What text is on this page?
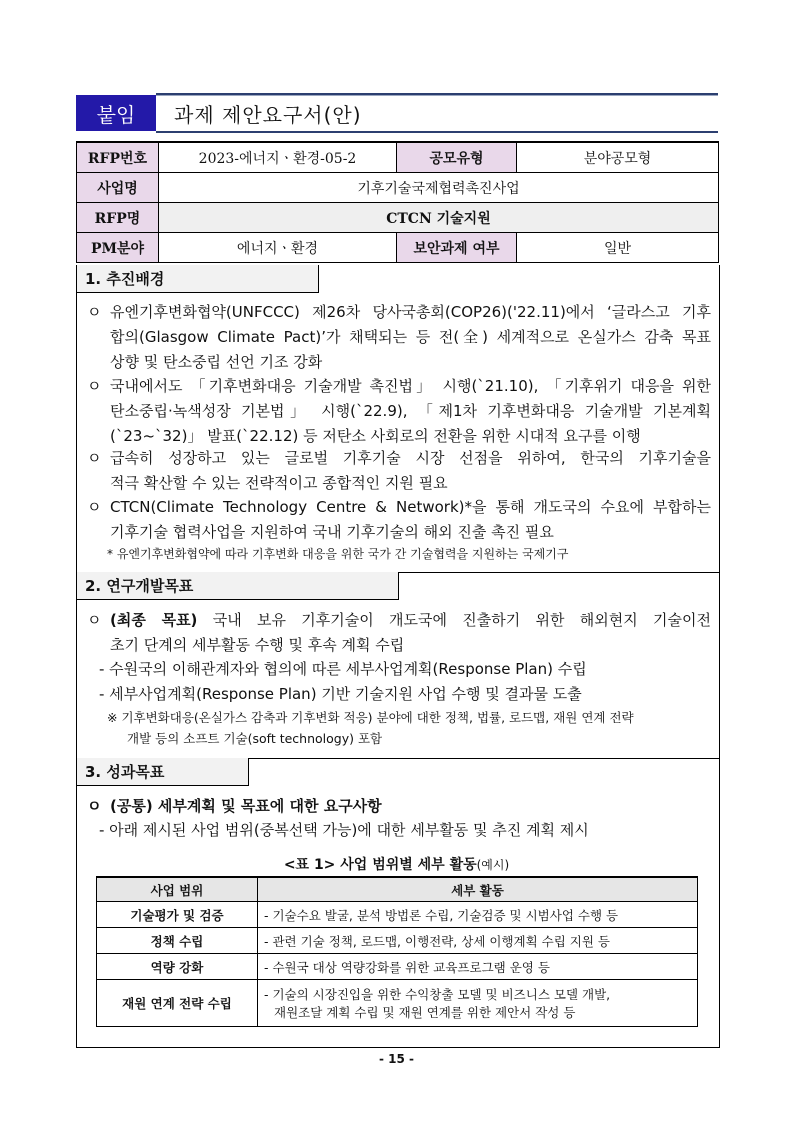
붙임	과제 제안요구서(안)
RFP번호	2023-에너지ㆍ환경-05-2	공모유형	분야공모형
사업명	기후기술국제협력촉진사업		
RFP명	CTCN 기술지원		
PM분야	에너지ㆍ환경	보안과제 여부	일반
1. 추진배경
ㅇ 유엔기후변화협약(UNFCCC) 제26차 당사국총회(COP26)('22.11)에서 ‘글라스고 기후
합의(Glasgow Climate Pact)’가 채택되는 등 전(全) 세계적으로 온실가스 감축 목표
상향 및 탄소중립 선언 기조 강화
ㅇ 국내에서도 「기후변화대응 기술개발 촉진법」 시행(`21.10), 「기후위기 대응을 위한
탄소중립·녹색성장 기본법」 시행(`22.9), 「제1차 기후변화대응 기술개발 기본계획
(`23~`32)」 발표(`22.12) 등 저탄소 사회로의 전환을 위한 시대적 요구를 이행
ㅇ 급속히 성장하고 있는 글로벌 기후기술 시장 선점을 위하여, 한국의 기후기술을
적극 확산할 수 있는 전략적이고 종합적인 지원 필요
ㅇ CTCN(Climate Technology Centre & Network)*을 통해 개도국의 수요에 부합하는
기후기술 협력사업을 지원하여 국내 기후기술의 해외 진출 촉진 필요
* 유엔기후변화협약에 따라 기후변화 대응을 위한 국가 간 기술협력을 지원하는 국제기구
2. 연구개발목표
ㅇ (최종 목표) 국내 보유 기후기술이 개도국에 진출하기 위한 해외현지 기술이전
초기 단계의 세부활동 수행 및 후속 계획 수립
- 수원국의 이해관계자와 협의에 따른 세부사업계획(Response Plan) 수립
- 세부사업계획(Response Plan) 기반 기술지원 사업 수행 및 결과물 도출
※ 기후변화대응(온실가스 감축과 기후변화 적응) 분야에 대한 정책, 법률, 로드맵, 재원 연계 전략
개발 등의 소프트 기술(soft technology) 포함
3. 성과목표
ㅇ (공통) 세부계획 및 목표에 대한 요구사항
- 아래 제시된 사업 범위(중복선택 가능)에 대한 세부활동 및 추진 계획 제시
<표 1> 사업 범위별 세부 활동(예시)
사업 범위	세부 활동
기술평가 및 검증	- 기술수요 발굴, 분석 방법론 수립, 기술검증 및 시범사업 수행 등
정책 수립	- 관련 기술 정책, 로드맵, 이행전략, 상세 이행계획 수립 지원 등
역량 강화	- 수원국 대상 역량강화를 위한 교육프로그램 운영 등
재원 연계 전략 수립	- 기술의 시장진입을 위한 수익창출 모델 및 비즈니스 모델 개발,
재원조달 계획 수립 및 재원 연계를 위한 제안서 작성 등
- 15 -
